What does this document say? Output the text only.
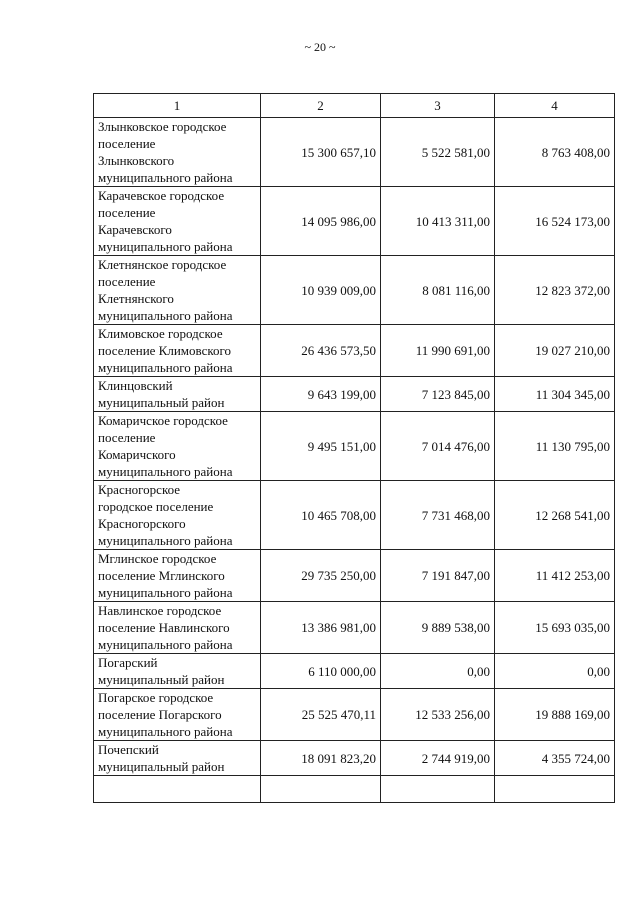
~ 20 ~
1	2	3	4

Злынковское городское
поселение
Злынковского
муниципального района	15 300 657,10	5 522 581,00	8 763 408,00

Карачевское городское
поселение
Карачевского
муниципального района	14 095 986,00	10 413 311,00	16 524 173,00

Клетнянское городское
поселение
Клетнянского
муниципального района	10 939 009,00	8 081 116,00	12 823 372,00

Климовское городское
поселение Климовского
муниципального района	26 436 573,50	11 990 691,00	19 027 210,00

Клинцовский
муниципальный район	9 643 199,00	7 123 845,00	11 304 345,00

Комаричское городское
поселение
Комаричского
муниципального района	9 495 151,00	7 014 476,00	11 130 795,00

Красногорское
городское поселение
Красногорского
муниципального района	10 465 708,00	7 731 468,00	12 268 541,00

Мглинское городское
поселение Мглинского
муниципального района	29 735 250,00	7 191 847,00	11 412 253,00

Навлинское городское
поселение Навлинского
муниципального района	13 386 981,00	9 889 538,00	15 693 035,00

Погарский
муниципальный район	6 110 000,00	0,00	0,00

Погарское городское
поселение Погарского
муниципального района	25 525 470,11	12 533 256,00	19 888 169,00

Почепский
муниципальный район	18 091 823,20	2 744 919,00	4 355 724,00
